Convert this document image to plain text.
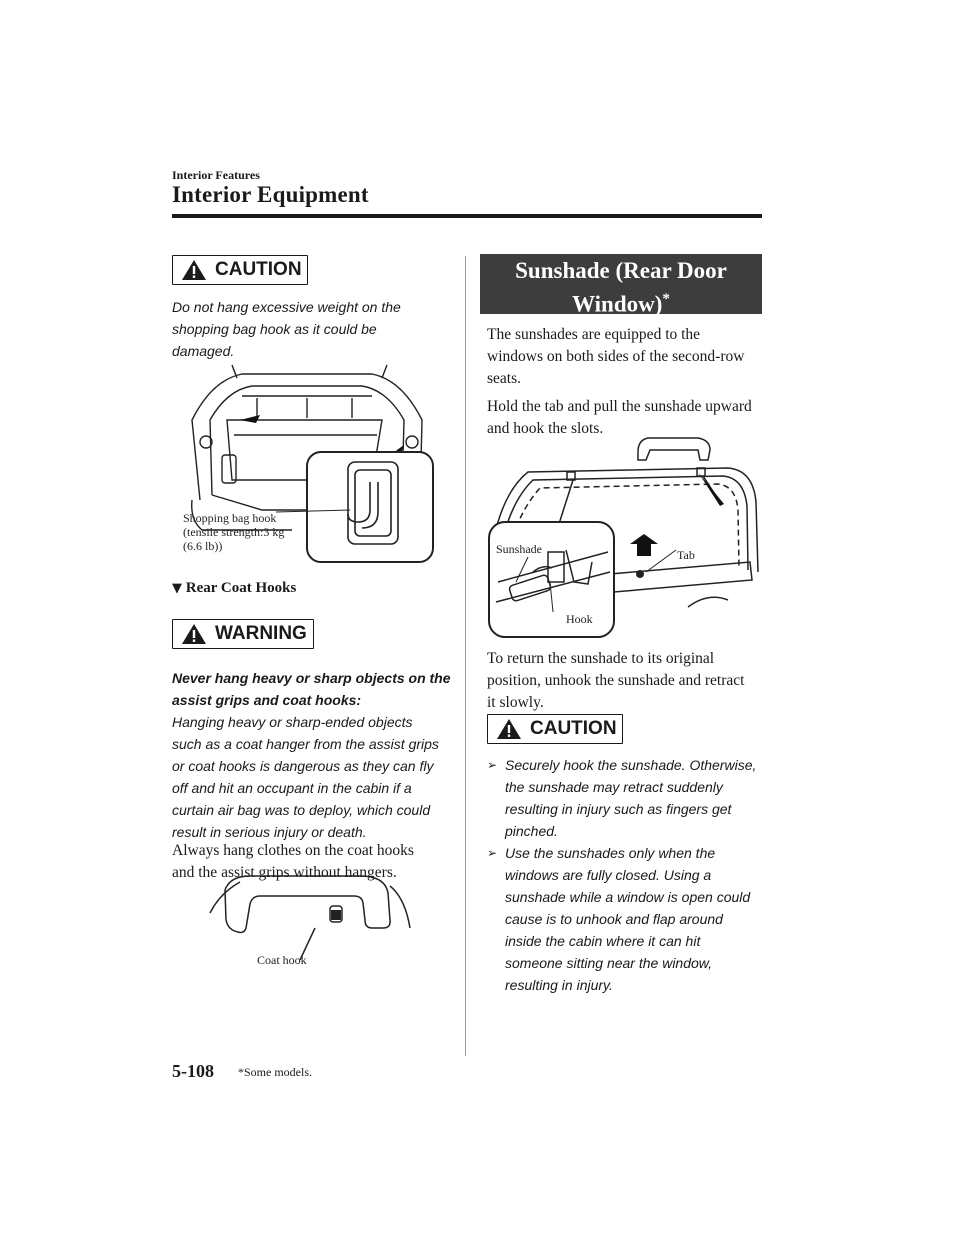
Interior Features
Interior Equipment
CAUTION
Do not hang excessive weight on the
shopping bag hook as it could be
damaged.
Shopping bag hook
(tensile strength:3 kg
(6.6 lb))
▼ Rear Coat Hooks
WARNING
Never hang heavy or sharp objects on the
assist grips and coat hooks:
Hanging heavy or sharp-ended objects
such as a coat hanger from the assist grips
or coat hooks is dangerous as they can fly
off and hit an occupant in the cabin if a
curtain air bag was to deploy, which could
result in serious injury or death.
Always hang clothes on the coat hooks
and the assist grips without hangers.
Coat hook
Sunshade (Rear Door
Window)*
The sunshades are equipped to the
windows on both sides of the second-row
seats.
Hold the tab and pull the sunshade upward
and hook the slots.
Sunshade	Tab
Hook
To return the sunshade to its original
position, unhook the sunshade and retract
it slowly.
CAUTION
➢ Securely hook the sunshade. Otherwise,
the sunshade may retract suddenly
resulting in injury such as fingers get
pinched.
➢ Use the sunshades only when the
windows are fully closed. Using a
sunshade while a window is open could
cause is to unhook and flap around
inside the cabin where it can hit
someone sitting near the window,
resulting in injury.
5-108 *Some models.
